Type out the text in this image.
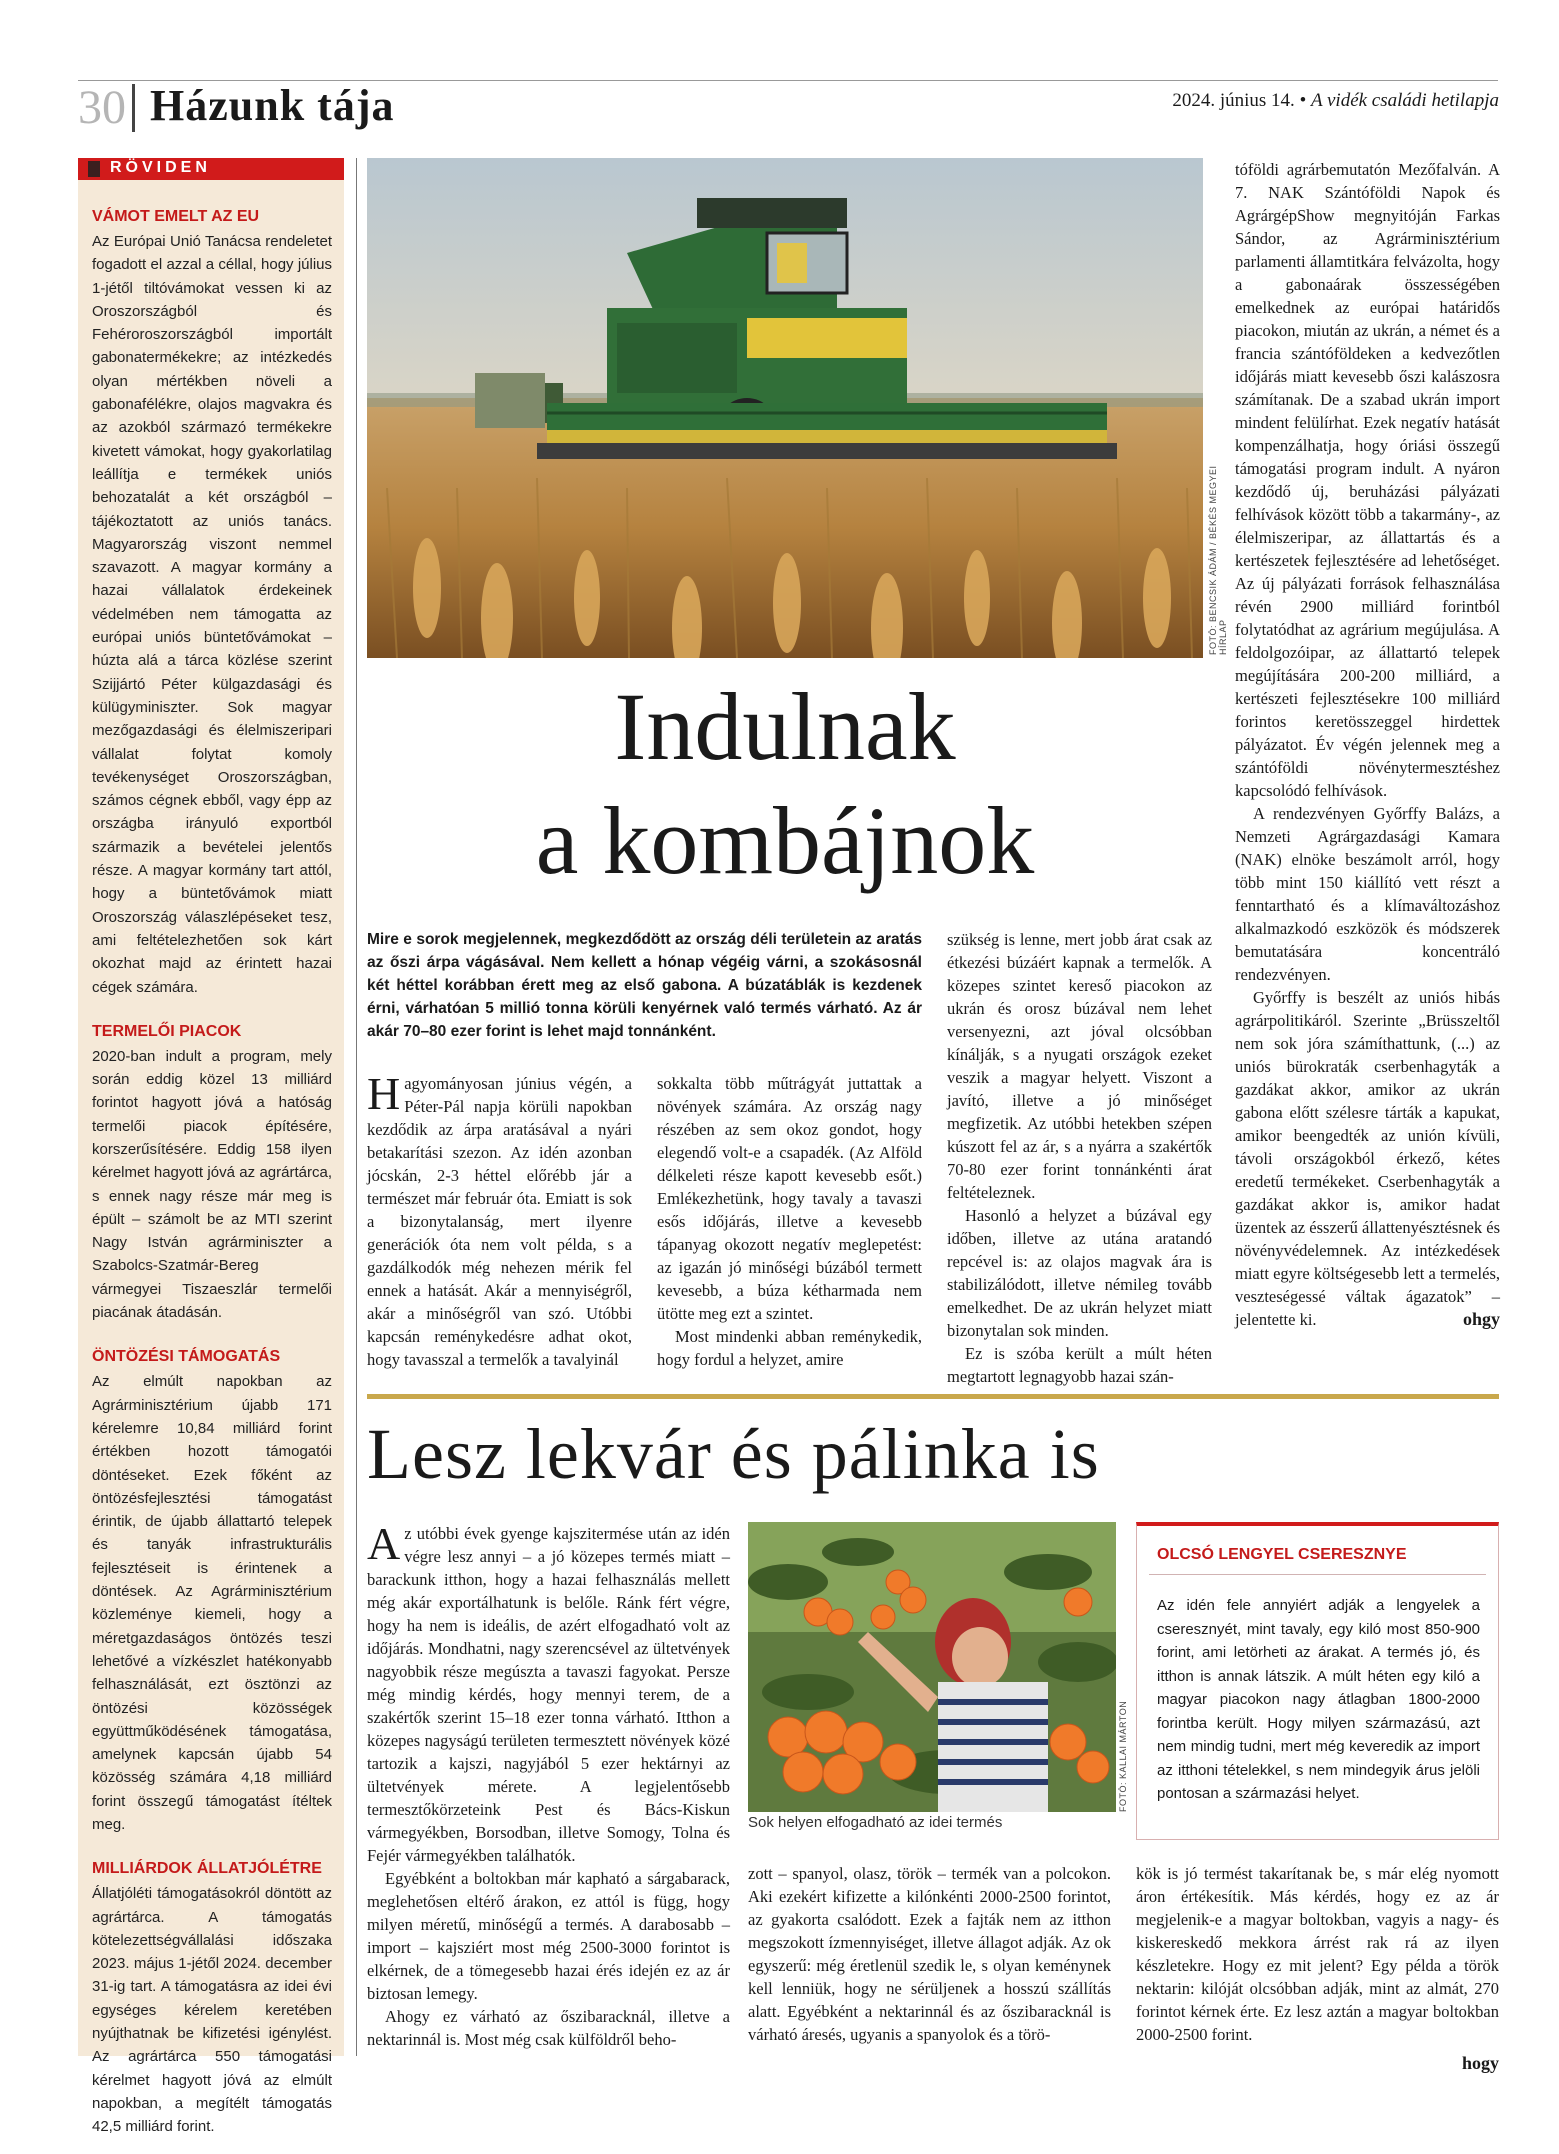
30 Házunk tája	2024. június 14. • A vidék családi hetilapja
RÖVIDEN
VÁMOT EMELT AZ EU
Az Európai Unió Tanácsa rendeletet fogadott el azzal a céllal, hogy július 1-jétől tiltóvámokat vessen ki az Oroszországból és Fehéroroszországból importált gabonatermékekre; az intézkedés olyan mértékben növeli a gabonafélékre, olajos magvakra és az azokból származó termékekre kivetett vámokat, hogy gyakorlatilag leállítja e termékek uniós behozatalát a két országból – tájékoztatott az uniós tanács. Magyarország viszont nemmel szavazott. A magyar kormány a hazai vállalatok érdekeinek védelmében nem támogatta az európai uniós büntetővámokat – húzta alá a tárca közlése szerint Szijjártó Péter külgazdasági és külügyminiszter. Sok magyar mezőgazdasági és élelmiszeripari vállalat folytat komoly tevékenységet Oroszországban, számos cégnek ebből, vagy épp az országba irányuló exportból származik a bevételei jelentős része. A magyar kormány tart attól, hogy a büntetővámok miatt Oroszország válaszlépéseket tesz, ami feltételezhetően sok kárt okozhat majd az érintett hazai cégek számára.
TERMELŐI PIACOK
2020-ban indult a program, mely során eddig közel 13 milliárd forintot hagyott jóvá a hatóság termelői piacok építésére, korszerűsítésére. Eddig 158 ilyen kérelmet hagyott jóvá az agrártárca, s ennek nagy része már meg is épült – számolt be az MTI szerint Nagy István agrárminiszter a Szabolcs-Szatmár-Bereg vármegyei Tiszaeszlár termelői piacának átadásán.
ÖNTÖZÉSI TÁMOGATÁS
Az elmúlt napokban az Agrárminisztérium újabb 171 kérelemre 10,84 milliárd forint értékben hozott támogatói döntéseket. Ezek főként az öntözésfejlesztési támogatást érintik, de újabb állattartó telepek és tanyák infrastrukturális fejlesztéseit is érintenek a döntések. Az Agrárminisztérium közleménye kiemeli, hogy a méretgazdaságos öntözés teszi lehetővé a vízkészlet hatékonyabb felhasználását, ezt ösztönzi az öntözési közösségek együttműködésének támogatása, amelynek kapcsán újabb 54 közösség számára 4,18 milliárd forint összegű támogatást ítéltek meg.
MILLIÁRDOK ÁLLATJÓLÉTRE
Állatjóléti támogatásokról döntött az agrártárca. A támogatás kötelezettségvállalási időszaka 2023. május 1-jétől 2024. december 31-ig tart. A támogatásra az idei évi egységes kérelem keretében nyújthatnak be kifizetési igénylést. Az agrártárca 550 támogatási kérelmet hagyott jóvá az elmúlt napokban, a megítélt támogatás 42,5 milliárd forint.
FOTÓ: BENCSIK ÁDÁM / BÉKÉS MEGYEI HÍRLAP
Indulnak
a kombájnok
Mire e sorok megjelennek, megkezdődött az ország déli területein az aratás az őszi árpa vágásával. Nem kellett a hónap végéig várni, a szokásosnál két héttel korábban érett meg az első gabona. A búzatáblák is kezdenek érni, várhatóan 5 millió tonna körüli kenyérnek való termés várható. Az ár akár 70–80 ezer forint is lehet majd tonnánként.

Hagyományosan június végén, a Péter-Pál napja körüli napokban kezdődik az árpa aratásával a nyári betakarítási szezon. Az idén azonban jócskán, 2-3 héttel előrébb jár a természet már február óta. Emiatt is sok a bizonytalanság, mert ilyenre generációk óta nem volt példa, s a gazdálkodók még nehezen mérik fel ennek a hatását. Akár a mennyiségről, akár a minőségről van szó. Utóbbi kapcsán reménykedésre adhat okot, hogy tavasszal a termelők a tavalyinál

sokkalta több műtrágyát juttattak a növények számára. Az ország nagy részében az sem okoz gondot, hogy elegendő volt-e a csapadék. (Az Alföld délkeleti része kapott kevesebb esőt.) Emlékezhetünk, hogy tavaly a tavaszi esős időjárás, illetve a kevesebb tápanyag okozott negatív meglepetést: az igazán jó minőségi búzából termett kevesebb, a búza kétharmada nem ütötte meg ezt a szintet.

Most mindenki abban reménykedik, hogy fordul a helyzet, amire

szükség is lenne, mert jobb árat csak az étkezési búzáért kapnak a termelők. A közepes szintet kereső piacokon az ukrán és orosz búzával nem lehet versenyezni, azt jóval olcsóbban kínálják, s a nyugati országok ezeket veszik a magyar helyett. Viszont a javító, illetve a jó minőséget megfizetik. Az utóbbi hetekben szépen kúszott fel az ár, s a nyárra a szakértők 70-80 ezer forint tonnánkénti árat feltételeznek.

Hasonló a helyzet a búzával egy időben, illetve az utána aratandó repcével is: az olajos magvak ára is stabilizálódott, illetve némileg tovább emelkedhet. De az ukrán helyzet miatt bizonytalan sok minden.

Ez is szóba került a múlt héten megtartott legnagyobb hazai szán-

tóföldi agrárbemutatón Mezőfalván. A 7. NAK Szántóföldi Napok és AgrárgépShow megnyitóján Farkas Sándor, az Agrárminisztérium parlamenti államtitkára felvázolta, hogy a gabonaárak összességében emelkednek az európai határidős piacokon, miután az ukrán, a német és a francia szántóföldeken a kedvezőtlen időjárás miatt kevesebb őszi kalászosra számítanak. De a szabad ukrán import mindent felülírhat. Ezek negatív hatását kompenzálhatja, hogy óriási összegű támogatási program indult. A nyáron kezdődő új, beruházási pályázati felhívások között több a takarmány-, az élelmiszeripar, az állattartás és a kertészetek fejlesztésére ad lehetőséget. Az új pályázati források felhasználása révén 2900 milliárd forintból folytatódhat az agrárium megújulása. A feldolgozóipar, az állattartó telepek megújítására 200-200 milliárd, a kertészeti fejlesztésekre 100 milliárd forintos keretösszeggel hirdettek pályázatot. Év végén jelennek meg a szántóföldi növénytermesztéshez kapcsolódó felhívások.

A rendezvényen Győrffy Balázs, a Nemzeti Agrárgazdasági Kamara (NAK) elnöke beszámolt arról, hogy több mint 150 kiállító vett részt a fenntartható és a klímaváltozáshoz alkalmazkodó eszközök és módszerek bemutatására koncentráló rendezvényen.

Győrffy is beszélt az uniós hibás agrárpolitikáról. Szerinte „Brüsszeltől nem sok jóra számíthattunk, (...) az uniós bürokraták cserbenhagyták a gazdákat akkor, amikor az ukrán gabona előtt szélesre tárták a kapukat, amikor beengedték az unión kívüli, távoli országokból érkező, kétes eredetű termékeket. Cserbenhagyták a gazdákat akkor is, amikor hadat üzentek az ésszerű állattenyésztésnek és növényvédelemnek. Az intézkedések miatt egyre költségesebb lett a termelés, veszteségessé váltak ágazatok” – jelentette ki.	ohgy

Lesz lekvár és pálinka is

Az utóbbi évek gyenge kajszitermése után az idén végre lesz annyi – a jó közepes termés miatt – barackunk itthon, hogy a hazai felhasználás mellett még akár exportálhatunk is belőle. Ránk fért végre, hogy ha nem is ideális, de azért elfogadható volt az időjárás. Mondhatni, nagy szerencsével az ültetvények nagyobbik része megúszta a tavaszi fagyokat. Persze még mindig kérdés, hogy mennyi terem, de a szakértők szerint 15–18 ezer tonna várható. Itthon a közepes nagyságú területen termesztett növények közé tartozik a kajszi, nagyjából 5 ezer hektárnyi az ültetvények mérete. A legjelentősebb termesztőkörzeteink Pest és Bács-Kiskun vármegyékben, Borsodban, illetve Somogy, Tolna és Fejér vármegyékben találhatók.

Egyébként a boltokban már kapható a sárgabarack, meglehetősen eltérő árakon, ez attól is függ, hogy milyen méretű, minőségű a termés. A darabosabb – import – kajsziért most még 2500-3000 forintot is elkérnek, de a tömegesebb hazai érés idején ez az ár biztosan lemegy.

Ahogy ez várható az őszibaracknál, illetve a nektarinnál is. Most még csak külföldről beho-

FOTÓ: KALLAI MÁRTON
Sok helyen elfogadható az idei termés

zott – spanyol, olasz, török – termék van a polcokon. Aki ezekért kifizette a kilónkénti 2000-2500 forintot, az gyakorta csalódott. Ezek a fajták nem az itthon megszokott ízmennyiséget, illetve állagot adják. Az ok egyszerű: még éretlenül szedik le, s olyan keménynek kell lenniük, hogy ne sérüljenek a hosszú szállítás alatt. Egyébként a nektarinnál és az őszibaracknál is várható áresés, ugyanis a spanyolok és a törö-

kök is jó termést takarítanak be, s már elég nyomott áron értékesítik. Más kérdés, hogy ez az ár megjelenik-e a magyar boltokban, vagyis a nagy- és kiskereskedő mekkora árrést rak rá az ilyen készletekre. Hogy ez mit jelent? Egy példa a török nektarin: kilóját olcsóbban adják, mint az almát, 270 forintot kérnek érte. Ez lesz aztán a magyar boltokban 2000-2500 forint.

hogy
OLCSÓ LENGYEL CSERESZNYE
Az idén fele annyiért adják a lengyelek a cseresznyét, mint tavaly, egy kiló most 850-900 forint, ami letörheti az árakat. A termés jó, és itthon is annak látszik. A múlt héten egy kiló a magyar piacokon nagy átlagban 1800-2000 forintba került. Hogy milyen származású, azt nem mindig tudni, mert még keveredik az import az itthoni tételekkel, s nem mindegyik árus jelöli pontosan a származási helyet.
